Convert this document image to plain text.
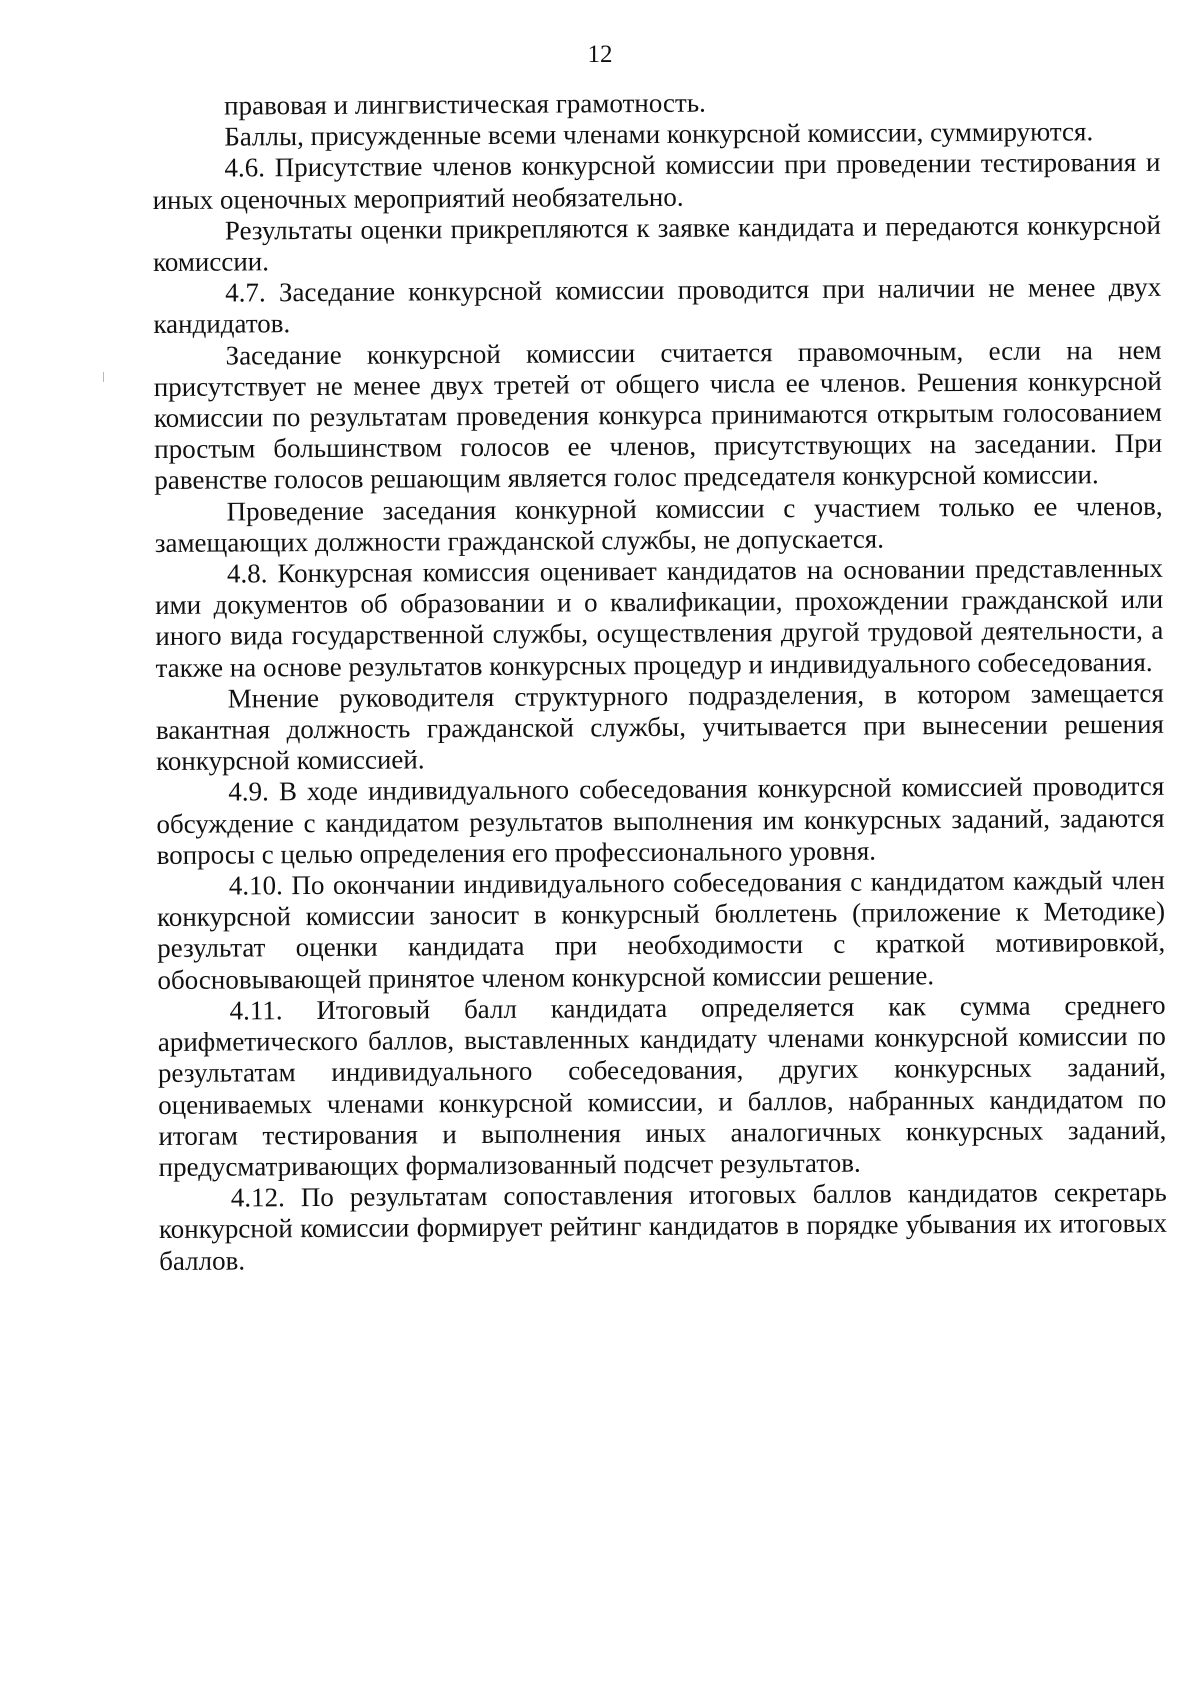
12

правовая и лингвистическая грамотность.

Баллы, присужденные всеми членами конкурсной комиссии, суммируются.

4.6. Присутствие членов конкурсной комиссии при проведении тестирования и иных оценочных мероприятий необязательно.

Результаты оценки прикрепляются к заявке кандидата и передаются конкурсной комиссии.

4.7. Заседание конкурсной комиссии проводится при наличии не менее двух кандидатов.

Заседание конкурсной комиссии считается правомочным, если на нем присутствует не менее двух третей от общего числа ее членов. Решения конкурсной комиссии по результатам проведения конкурса принимаются открытым голосованием простым большинством голосов ее членов, присутствующих на заседании. При равенстве голосов решающим является голос председателя конкурсной комиссии.

Проведение заседания конкурной комиссии с участием только ее членов, замещающих должности гражданской службы, не допускается.

4.8. Конкурсная комиссия оценивает кандидатов на основании представленных ими документов об образовании и о квалификации, прохождении гражданской или иного вида государственной службы, осуществления другой трудовой деятельности, а также на основе результатов конкурсных процедур и индивидуального собеседования.

Мнение руководителя структурного подразделения, в котором замещается вакантная должность гражданской службы, учитывается при вынесении решения конкурсной комиссией.

4.9. В ходе индивидуального собеседования конкурсной комиссией проводится обсуждение с кандидатом результатов выполнения им конкурсных заданий, задаются вопросы с целью определения его профессионального уровня.

4.10. По окончании индивидуального собеседования с кандидатом каждый член конкурсной комиссии заносит в конкурсный бюллетень (приложение к Методике) результат оценки кандидата при необходимости с краткой мотивировкой, обосновывающей принятое членом конкурсной комиссии решение.

4.11. Итоговый балл кандидата определяется как сумма среднего арифметического баллов, выставленных кандидату членами конкурсной комиссии по результатам индивидуального собеседования, других конкурсных заданий, оцениваемых членами конкурсной комиссии, и баллов, набранных кандидатом по итогам тестирования и выполнения иных аналогичных конкурсных заданий, предусматривающих формализованный подсчет результатов.

4.12. По результатам сопоставления итоговых баллов кандидатов секретарь конкурсной комиссии формирует рейтинг кандидатов в порядке убывания их итоговых баллов.
